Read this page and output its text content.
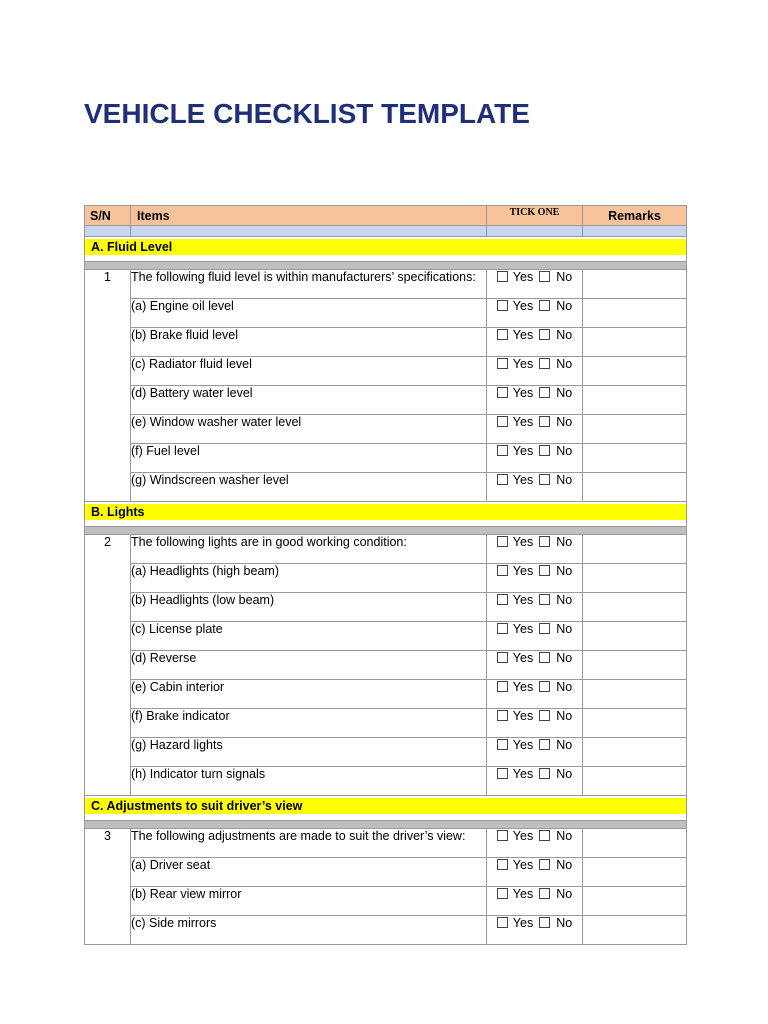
VEHICLE CHECKLIST TEMPLATE
S/N	Items	TICK ONE	Remarks

A. Fluid Level			

1	The following fluid level is within manufacturers’ specifications:	Yes No	
	(a) Engine oil level	Yes No	
	(b) Brake fluid level	Yes No	
	(c) Radiator fluid level	Yes No	
	(d) Battery water level	Yes No	
	(e) Window washer water level	Yes No	
	(f) Fuel level	Yes No	
	(g) Windscreen washer level	Yes No	

B. Lights			

2	The following lights are in good working condition:	Yes No	
	(a) Headlights (high beam)	Yes No	
	(b) Headlights (low beam)	Yes No	
	(c) License plate	Yes No	
	(d) Reverse	Yes No	
	(e) Cabin interior	Yes No	
	(f) Brake indicator	Yes No	
	(g) Hazard lights	Yes No	
	(h) Indicator turn signals	Yes No	

C. Adjustments to suit driver’s view			

3	The following adjustments are made to suit the driver’s view:	Yes No	
	(a) Driver seat	Yes No	
	(b) Rear view mirror	Yes No	
	(c) Side mirrors	Yes No	
